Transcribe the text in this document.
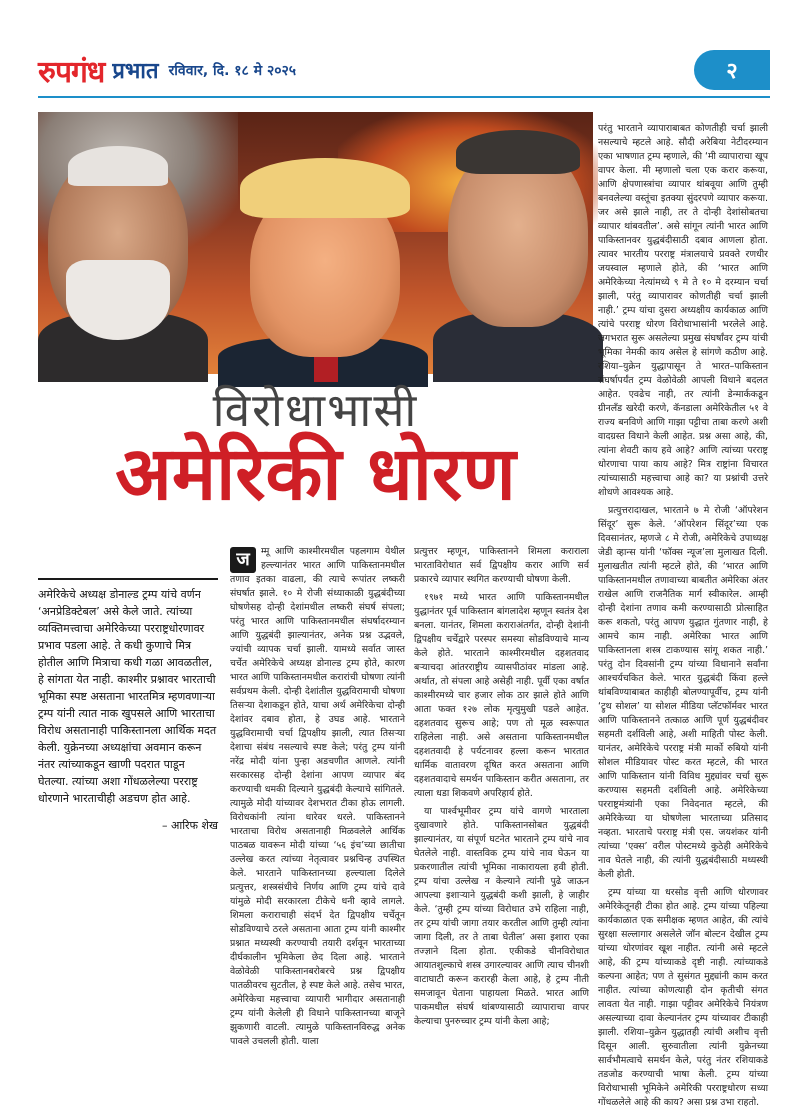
रुपगंध प्रभात रविवार, दि. १८ मे २०२५	२
विरोधाभासी
अमेरिकी धोरण

अमेरिकेचे अध्यक्ष डोनाल्ड ट्रम्प यांचे वर्णन ‘अनप्रेडिक्टेबल’ असे केले जाते. त्यांच्या व्यक्तिमत्त्वाचा अमेरिकेच्या परराष्ट्रधोरणावर प्रभाव पडला आहे. ते कधी कुणाचे मित्र होतील आणि मित्राचा कधी गळा आवळतील, हे सांगता येत नाही. काश्मीर प्रश्नावर भारताची भूमिका स्पष्ट असताना भारतमित्र म्हणवणाऱ्या ट्रम्प यांनी त्यात नाक खुपसले आणि भारताचा विरोध असतानाही पाकिस्तानला आर्थिक मदत केली. युक्रेनच्या अध्यक्षांचा अवमान करून नंतर त्यांच्याकडून खाणी पदरात पाडून घेतल्या. त्यांच्या अशा गोंधळलेल्या परराष्ट्र धोरणाने भारताचीही अडचण होत आहे.

– आरिफ शेख

ज	म्मू आणि काश्मीरमधील पहलगाम येथील हल्ल्यानंतर भारत आणि पाकिस्तानमधील तणाव इतका वाढला, की त्याचे रूपांतर लष्करी संघर्षात झाले. १० मे रोजी संध्याकाळी युद्धबंदीच्या घोषणेसह दोन्ही देशांमधील लष्करी संघर्ष संपला; परंतु भारत आणि पाकिस्तानमधील संघर्षादरम्यान आणि युद्धबंदी झाल्यानंतर, अनेक प्रश्न उद्भवले, ज्यांची व्यापक चर्चा झाली. यामध्ये सर्वात जास्त चर्चेत अमेरिकेचे अध्यक्ष डोनाल्ड ट्रम्प होते, कारण भारत आणि पाकिस्तानमधील करारांची घोषणा त्यांनी सर्वप्रथम केली. दोन्ही देशांतील युद्धविरामाची घोषणा तिसऱ्या देशाकडून होते, याचा अर्थ अमेरिकेचा दोन्ही देशांवर दबाव होता, हे उघड आहे. भारताने युद्धविरामाची चर्चा द्विपक्षीय झाली, त्यात तिसऱ्या देशाचा संबंध नसल्याचे स्पष्ट केले; परंतु ट्रम्प यांनी नरेंद्र मोदी यांना पुन्हा अडचणीत आणले. त्यांनी सरकारसह दोन्ही देशांना आपण व्यापार बंद करण्याची धमकी दिल्याने युद्धबंदी केल्याचे सांगितले. त्यामुळे मोदी यांच्यावर देशभरात टीका होऊ लागली. विरोधकांनी त्यांना धारेवर धरले. पाकिस्तानने भारताचा विरोध असतानाही मिळवलेले आर्थिक पाठबळ यावरून मोदी यांच्या ‘५६ इंच’च्या छातीचा उल्लेख करत त्यांच्या नेतृत्वावर प्रश्नचिन्ह उपस्थित केले. भारताने पाकिस्तानच्या हल्ल्याला दिलेले प्रत्युत्तर, शस्त्रसंधीचे निर्णय आणि ट्रम्प यांचे दावे यांमुळे मोदी सरकारला टीकेचे धनी व्हावे लागले. शिमला कराराचाही संदर्भ देत द्विपक्षीय चर्चेतून सोडविण्याचे ठरले असताना आता ट्रम्प यांनी काश्मीर प्रश्नात मध्यस्थी करण्याची तयारी दर्शवून भारताच्या दीर्घकालीन भूमिकेला छेद दिला आहे. भारताने वेळोवेळी पाकिस्तानबरोबरचे प्रश्न द्विपक्षीय पातळीवरच सुटतील, हे स्पष्ट केले आहे. तसेच भारत, अमेरिकेचा महत्त्वाचा व्यापारी भागीदार असतानाही ट्रम्प यांनी केलेली ही विधाने पाकिस्तानच्या बाजूने झुकणारी वाटली. त्यामुळे पाकिस्तानविरुद्ध अनेक पावले उचलली होती. याला

प्रत्युत्तर म्हणून, पाकिस्तानने शिमला कराराला भारताविरोधात सर्व द्विपक्षीय करार आणि सर्व प्रकारचे व्यापार स्थगित करण्याची घोषणा केली.

१९७१ मध्ये भारत आणि पाकिस्तानमधील युद्धानंतर पूर्व पाकिस्तान बांगलादेश म्हणून स्वतंत्र देश बनला. यानंतर, शिमला कराराअंतर्गत, दोन्ही देशांनी द्विपक्षीय चर्चेद्वारे परस्पर समस्या सोडविण्याचे मान्य केले होते. भारताने काश्मीरमधील दहशतवाद बऱ्याचदा आंतरराष्ट्रीय व्यासपीठांवर मांडला आहे. अर्थात, तो संपला आहे असेही नाही. पूर्वी एका वर्षात काश्मीरमध्ये चार हजार लोक ठार झाले होते आणि आता फक्त १२७ लोक मृत्युमुखी पडले आहेत. दहशतवाद सुरूच आहे; पण तो मूळ स्वरूपात राहिलेला नाही. असे असताना पाकिस्तानमधील दहशतवादी हे पर्यटनावर हल्ला करून भारतात धार्मिक वातावरण दूषित करत असताना आणि दहशतवादाचे समर्थन पाकिस्तान करीत असताना, तर त्याला धडा शिकवणे अपरिहार्य होते.

या पार्श्वभूमीवर ट्रम्प यांचे वागणे भारताला दुखावणारे होते. पाकिस्तानसोबत युद्धबंदी झाल्यानंतर, या संपूर्ण घटनेत भारताने ट्रम्प यांचे नाव घेतलेले नाही. वास्तविक ट्रम्प यांचे नाव घेऊन या प्रकरणातील त्यांची भूमिका नाकारायला हवी होती. ट्रम्प यांचा उल्लेख न केल्याने त्यांनी पुढे जाऊन आपल्या इशाऱ्याने युद्धबंदी कशी झाली, हे जाहीर केले. ‘तुम्ही ट्रम्प यांच्या विरोधात उभे राहिला नाही, तर ट्रम्प यांची जागा तयार करतील आणि तुम्ही त्यांना जागा दिली, तर ते ताबा घेतील’ असा इशारा एका तज्ज्ञाने दिला होता. एकीकडे चीनविरोधात आयातशुल्काचे शस्त्र उगारल्यावर आणि त्याच चीनशी वाटाघाटी करून करारही केला आहे, हे ट्रम्प नीती समजावून घेताना पाहायला मिळते. भारत आणि पाकमधील संघर्ष थांबण्यासाठी व्यापाराचा वापर केल्याचा पुनरुच्चार ट्रम्प यांनी केला आहे;

परंतु भारताने व्यापाराबाबत कोणतीही चर्चा झाली नसल्याचे म्हटले आहे. सौदी अरेबिया नेटीदरम्यान एका भाषणात ट्रम्प म्हणाले, की ‘मी व्यापाराचा खूप वापर केला. मी म्हणालो चला एक करार करूया, आणि क्षेपणास्त्रांचा व्यापार थांबवूया आणि तुम्ही बनवलेल्या वस्तूंचा इतक्या सुंदरपणे व्यापार करूया. जर असे झाले नाही, तर ते दोन्ही देशांसोबतचा व्यापार थांबवतील’. असे सांगून त्यांनी भारत आणि पाकिस्तानवर युद्धबंदीसाठी दबाव आणला होता. त्यावर भारतीय परराष्ट्र मंत्रालयाचे प्रवक्ते रणधीर जयस्वाल म्हणाले होते, की ‘भारत आणि अमेरिकेच्या नेत्यांमध्ये ९ मे ते १० मे दरम्यान चर्चा झाली, परंतु व्यापारावर कोणतीही चर्चा झाली नाही.’ ट्रम्प यांचा दुसरा अध्यक्षीय कार्यकाळ आणि त्यांचे परराष्ट्र धोरण विरोधाभासांनी भरलेले आहे. जगभरात सुरू असलेल्या प्रमुख संघर्षांवर ट्रम्प यांची भूमिका नेमकी काय असेल हे सांगणे कठीण आहे. रशिया–युक्रेन युद्धापासून ते भारत–पाकिस्तान संघर्षापर्यंत ट्रम्प वेळोवेळी आपली विधाने बदलत आहेत. एवढेच नाही, तर त्यांनी डेन्मार्ककडून ग्रीनलँड खरेदी करणे, कॅनडाला अमेरिकेतील ५१ वे राज्य बनविणे आणि गाझा पट्टीचा ताबा करणे अशी वादग्रस्त विधाने केली आहेत. प्रश्न असा आहे, की, त्यांना शेवटी काय हवे आहे? आणि त्यांच्या परराष्ट्र धोरणाचा पाया काय आहे? मित्र राष्ट्रांना विचारत त्यांच्यासाठी महत्त्वाचा आहे का? या प्रश्नांची उत्तरे शोधणे आवश्यक आहे.

प्रत्युत्तरादाखल, भारताने ७ मे रोजी ‘ऑपरेशन सिंदूर’ सुरू केले. ‘ऑपरेशन सिंदूर’च्या एक दिवसानंतर, म्हणजे ८ मे रोजी, अमेरिकेचे उपाध्यक्ष जेडी व्हान्स यांनी ‘फॉक्स न्यूज’ला मुलाखत दिली. मुलाखतीत त्यांनी म्हटले होते, की ‘भारत आणि पाकिस्तानमधील तणावाच्या बाबतीत अमेरिका अंतर राखेल आणि राजनैतिक मार्ग स्वीकारेल. आम्ही दोन्ही देशांना तणाव कमी करण्यासाठी प्रोत्साहित करू शकतो, परंतु आपण युद्धात गुंतणार नाही, हे आमचे काम नाही. अमेरिका भारत आणि पाकिस्तानला शस्त्र टाकण्यास सांगू शकत नाही.’ परंतु दोन दिवसांनी ट्रम्प यांच्या विधानाने सर्वांना आश्चर्यचकित केले. भारत युद्धबंदी किंवा हल्ले थांबविण्याबाबत काहीही बोलण्यापूर्वीच, ट्रम्प यांनी ‘ट्रुथ सोशल’ या सोशल मीडिया प्लॅटफॉर्मवर भारत आणि पाकिस्तानने तत्काळ आणि पूर्ण युद्धबंदीवर सहमती दर्शविली आहे, अशी माहिती पोस्ट केली. यानंतर, अमेरिकेचे परराष्ट्र मंत्री मार्को रुबियो यांनी सोशल मीडियावर पोस्ट करत म्हटले, की भारत आणि पाकिस्तान यांनी विविध मुद्द्यांवर चर्चा सुरू करण्यास सहमती दर्शविली आहे. अमेरिकेच्या परराष्ट्रमंत्र्यांनी एका निवेदनात म्हटले, की अमेरिकेच्या या घोषणेला भारताच्या प्रतिसाद नव्हता. भारताचे परराष्ट्र मंत्री एस. जयशंकर यांनी त्यांच्या ‘एक्स’ वरील पोस्टमध्ये कुठेही अमेरिकेचे नाव घेतले नाही, की त्यांनी युद्धबंदीसाठी मध्यस्थी केली होती.

ट्रम्प यांच्या या धरसोड वृत्ती आणि धोरणावर अमेरिकेतूनही टीका होत आहे. ट्रम्प यांच्या पहिल्या कार्यकाळात एक समीक्षक म्हणत आहेत, की त्यांचे सुरक्षा सल्लागार असलेले जॉन बोल्टन देखील ट्रम्प यांच्या धोरणांवर खूश नाहीत. त्यांनी असे म्हटले आहे, की ट्रम्प यांच्याकडे दृष्टी नाही. त्यांच्याकडे कल्पना आहेत; पण ते सुसंगत मुद्द्यांनी काम करत नाहीत. त्यांच्या कोणत्याही दोन कृतीची संगत लावता येत नाही. गाझा पट्टीवर अमेरिकेचे नियंत्रण असल्याच्या दावा केल्यानंतर ट्रम्प यांच्यावर टीकाही झाली. रशिया–युक्रेन युद्धातही त्यांची अशीच वृत्ती दिसून आली. सुरुवातीला त्यांनी युक्रेनच्या सार्वभौमत्वाचे समर्थन केले, परंतु नंतर रशियाकडे तडजोड करण्याची भाषा केली. ट्रम्प यांच्या विरोधाभासी भूमिकेने अमेरिकी परराष्ट्रधोरण सध्या गोंधळलेले आहे की काय? असा प्रश्न उभा राहतो.
